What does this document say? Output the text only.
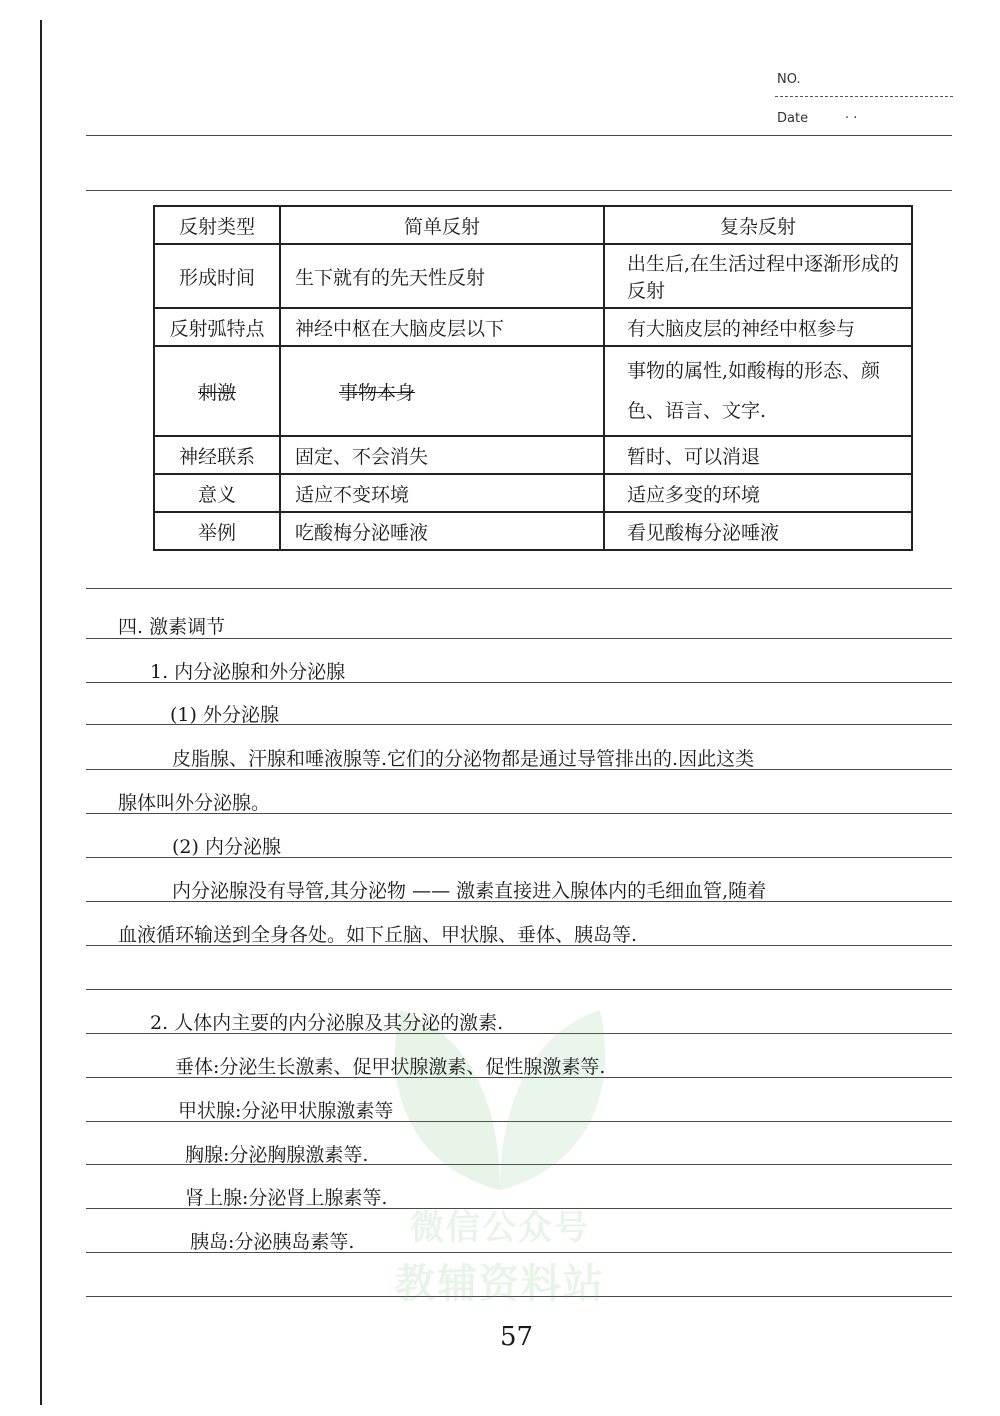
NO.
Date	· ·
微信公众号
教辅资料站
反射类型	简单反射	复杂反射
形成时间	生下就有的先天性反射	出生后,在生活过程中逐渐形成的反射
反射弧特点	神经中枢在大脑皮层以下	有大脑皮层的神经中枢参与
刺激	事物本身	事物的属性,如酸梅的形态、颜色、语言、文字.
神经联系	固定、不会消失	暂时、可以消退
意义	适应不变环境	适应多变的环境
举例	吃酸梅分泌唾液	看见酸梅分泌唾液
四. 激素调节
1. 内分泌腺和外分泌腺
(1) 外分泌腺
皮脂腺、汗腺和唾液腺等.它们的分泌物都是通过导管排出的.因此这类
腺体叫外分泌腺。
(2) 内分泌腺
内分泌腺没有导管,其分泌物 —— 激素直接进入腺体内的毛细血管,随着
血液循环输送到全身各处。如下丘脑、甲状腺、垂体、胰岛等.
2. 人体内主要的内分泌腺及其分泌的激素.
垂体:分泌生长激素、促甲状腺激素、促性腺激素等.
甲状腺:分泌甲状腺激素等
胸腺:分泌胸腺激素等.
肾上腺:分泌肾上腺素等.
胰岛:分泌胰岛素等.
57
